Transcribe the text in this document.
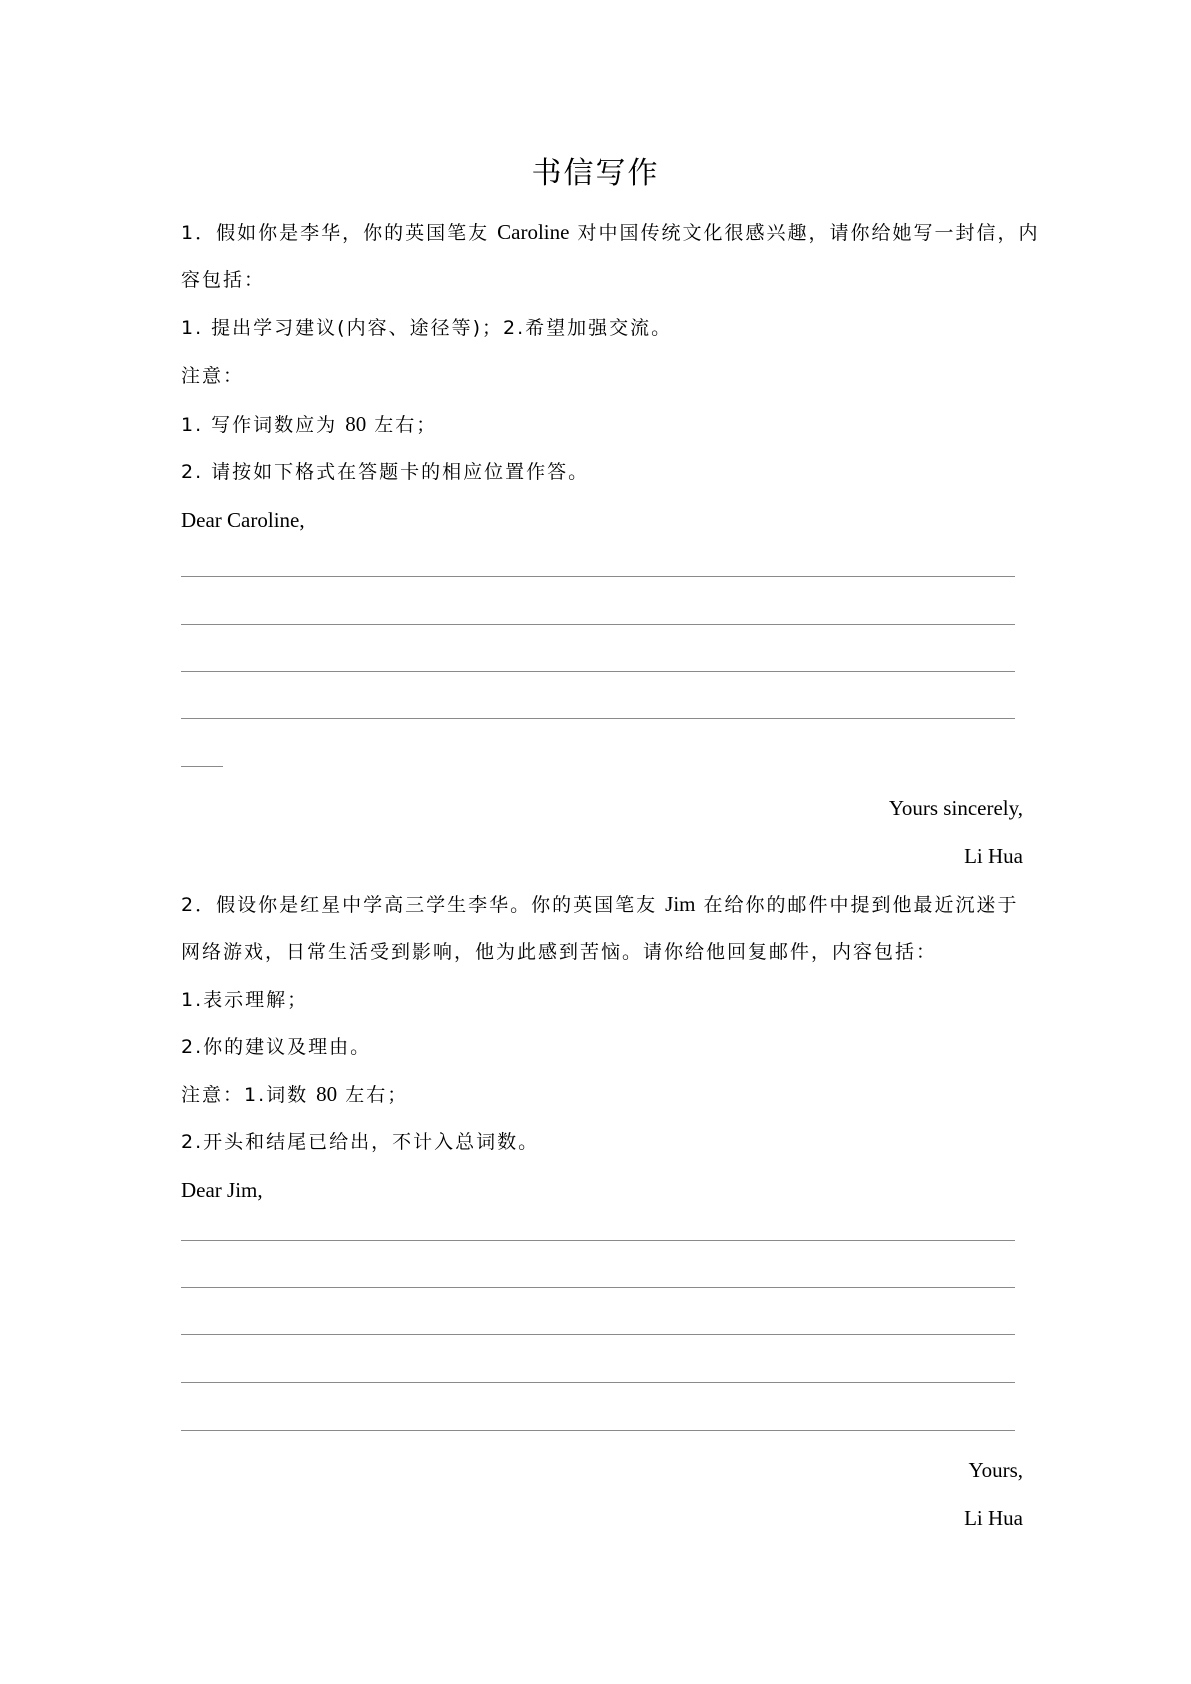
书信写作
1．假如你是李华，你的英国笔友 Caroline 对中国传统文化很感兴趣，请你给她写一封信，内
容包括：
1. 提出学习建议(内容、途径等)；2.希望加强交流。
注意：
1. 写作词数应为 80 左右；
2. 请按如下格式在答题卡的相应位置作答。
Dear Caroline,
Yours sincerely,
Li Hua
2．假设你是红星中学高三学生李华。你的英国笔友 Jim 在给你的邮件中提到他最近沉迷于
网络游戏，日常生活受到影响，他为此感到苦恼。请你给他回复邮件，内容包括：
1.表示理解；
2.你的建议及理由。
注意：1.词数 80 左右；
2.开头和结尾已给出，不计入总词数。
Dear Jim,
Yours,
Li Hua
